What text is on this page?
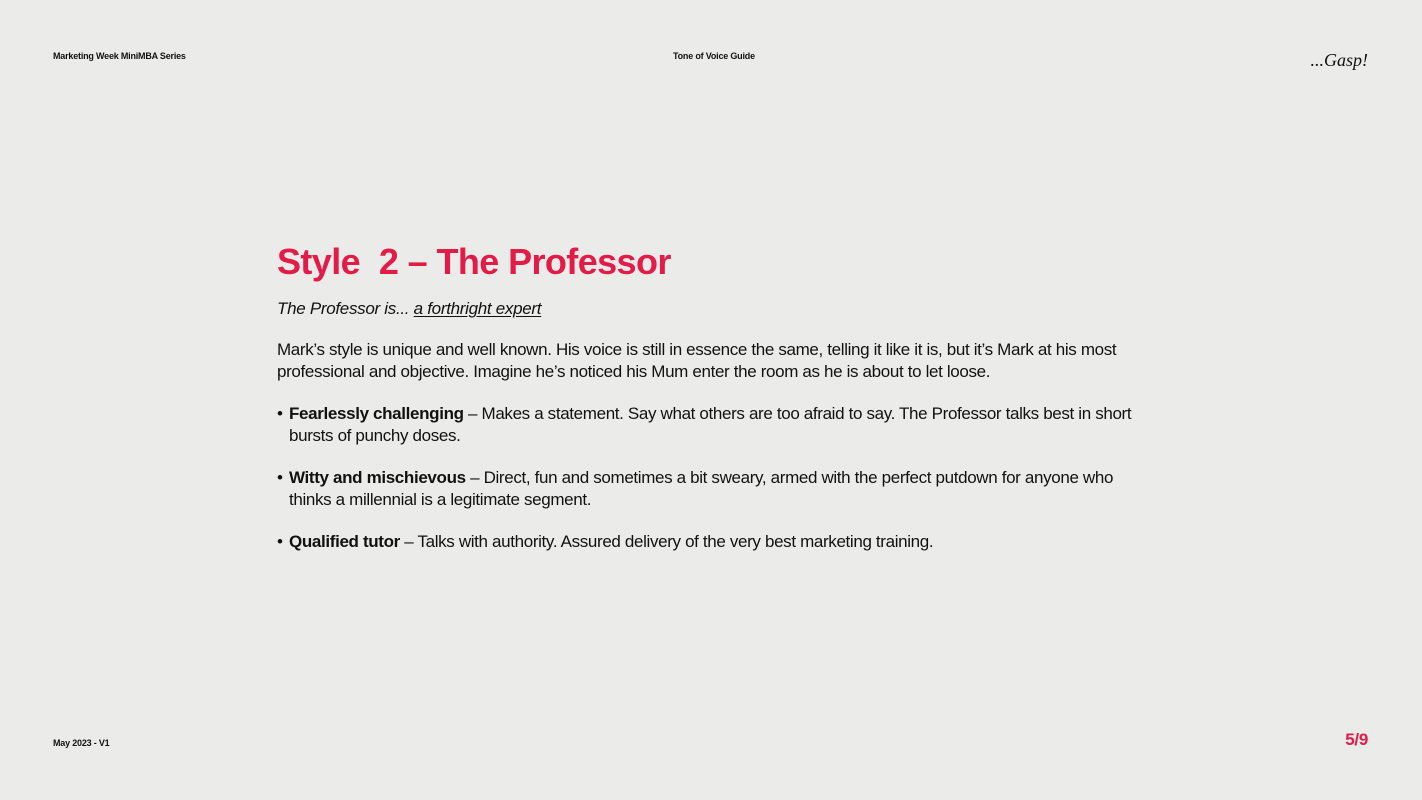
Marketing Week MiniMBA Series	Tone of Voice Guide	...Gasp!
Style  2 – The Professor
The Professor is... a forthright expert

Mark’s style is unique and well known. His voice is still in essence the same, telling it like it is, but it’s Mark at his most professional and objective. Imagine he’s noticed his Mum enter the room as he is about to let loose.

• Fearlessly challenging – Makes a statement. Say what others are too afraid to say. The Professor talks best in short bursts of punchy doses.
• Witty and mischievous – Direct, fun and sometimes a bit sweary, armed with the perfect putdown for anyone who thinks a millennial is a legitimate segment.
• Qualified tutor – Talks with authority. Assured delivery of the very best marketing training.
May 2023 - V1	5/9
